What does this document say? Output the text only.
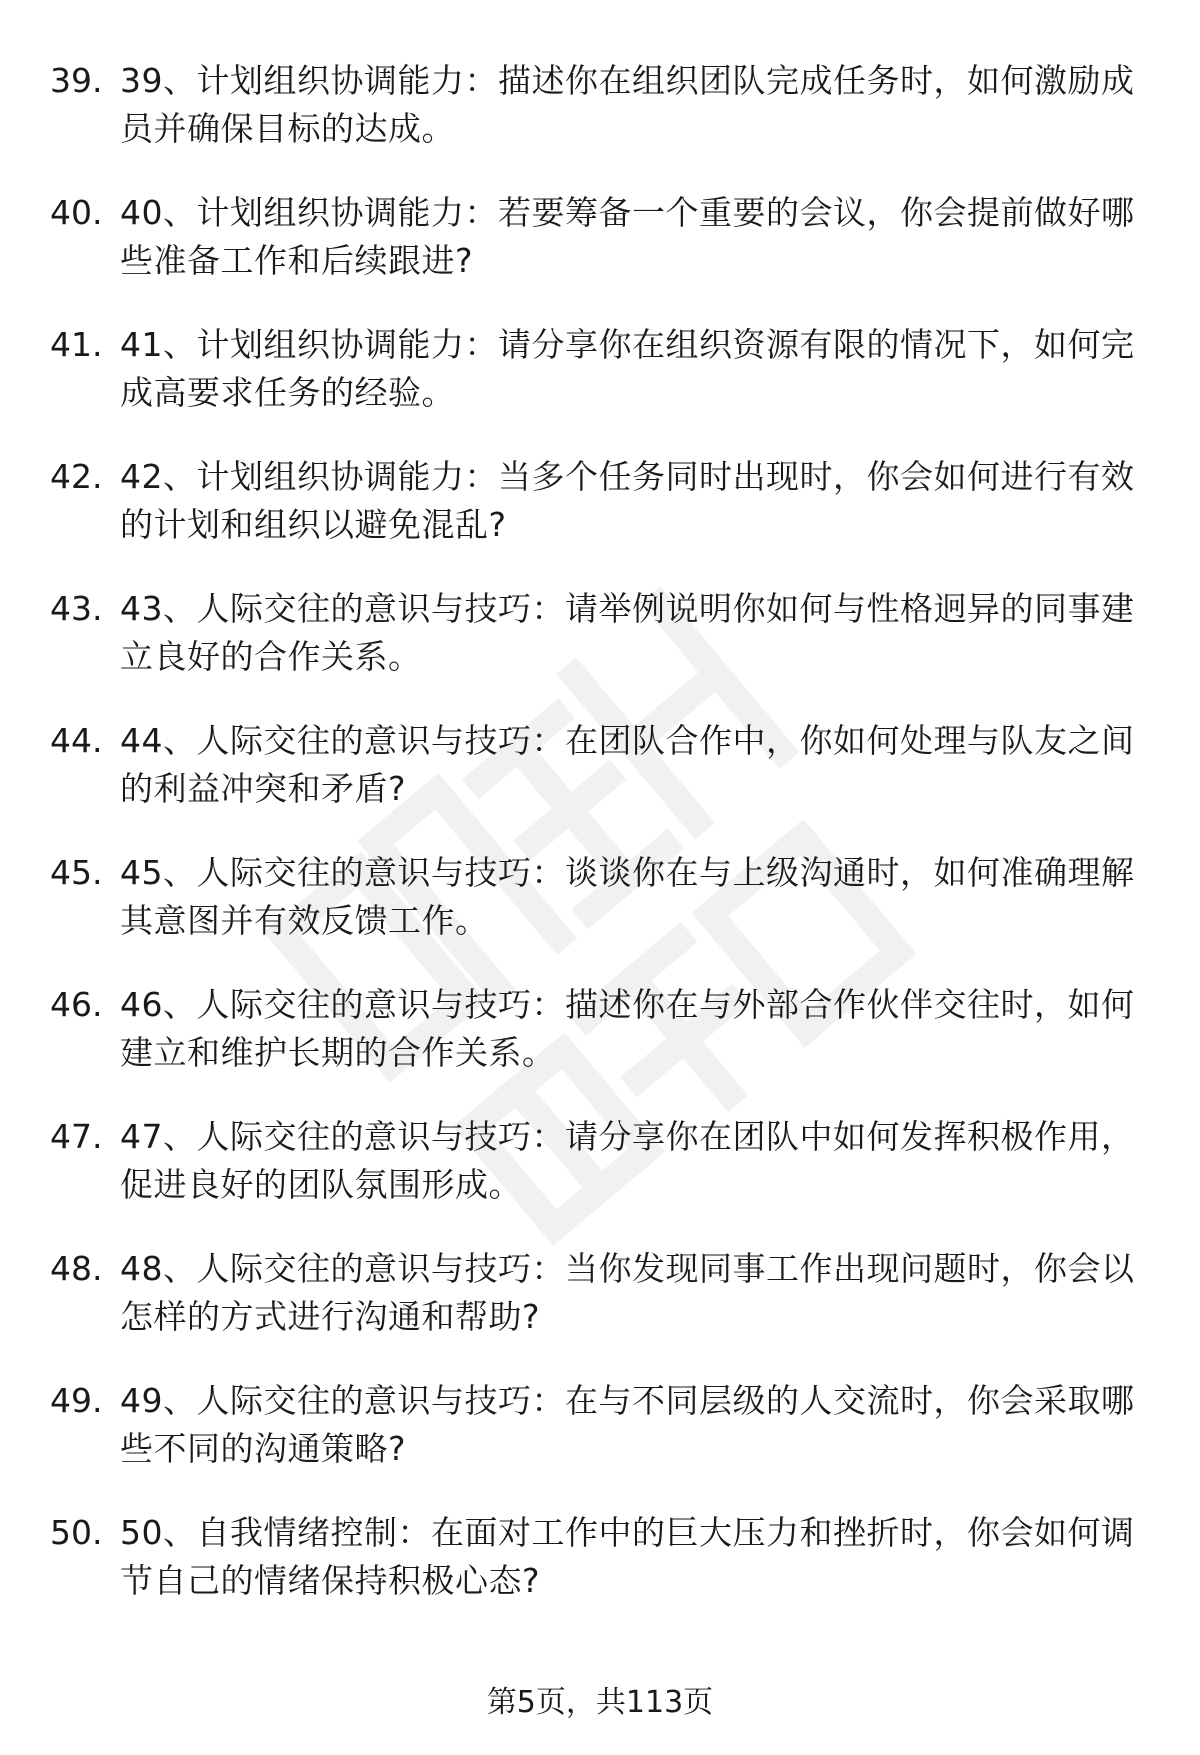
39. 39、计划组织协调能力：描述你在组织团队完成任务时，如何激励成员并确保目标的达成。
40. 40、计划组织协调能力：若要筹备一个重要的会议，你会提前做好哪些准备工作和后续跟进?
41. 41、计划组织协调能力：请分享你在组织资源有限的情况下，如何完成高要求任务的经验。
42. 42、计划组织协调能力：当多个任务同时出现时，你会如何进行有效的计划和组织以避免混乱?
43. 43、人际交往的意识与技巧：请举例说明你如何与性格迥异的同事建立良好的合作关系。
44. 44、人际交往的意识与技巧：在团队合作中，你如何处理与队友之间的利益冲突和矛盾?
45. 45、人际交往的意识与技巧：谈谈你在与上级沟通时，如何准确理解其意图并有效反馈工作。
46. 46、人际交往的意识与技巧：描述你在与外部合作伙伴交往时，如何建立和维护长期的合作关系。
47. 47、人际交往的意识与技巧：请分享你在团队中如何发挥积极作用，促进良好的团队氛围形成。
48. 48、人际交往的意识与技巧：当你发现同事工作出现问题时，你会以怎样的方式进行沟通和帮助?
49. 49、人际交往的意识与技巧：在与不同层级的人交流时，你会采取哪些不同的沟通策略?
50. 50、自我情绪控制：在面对工作中的巨大压力和挫折时，你会如何调节自己的情绪保持积极心态?
第5页，共113页
